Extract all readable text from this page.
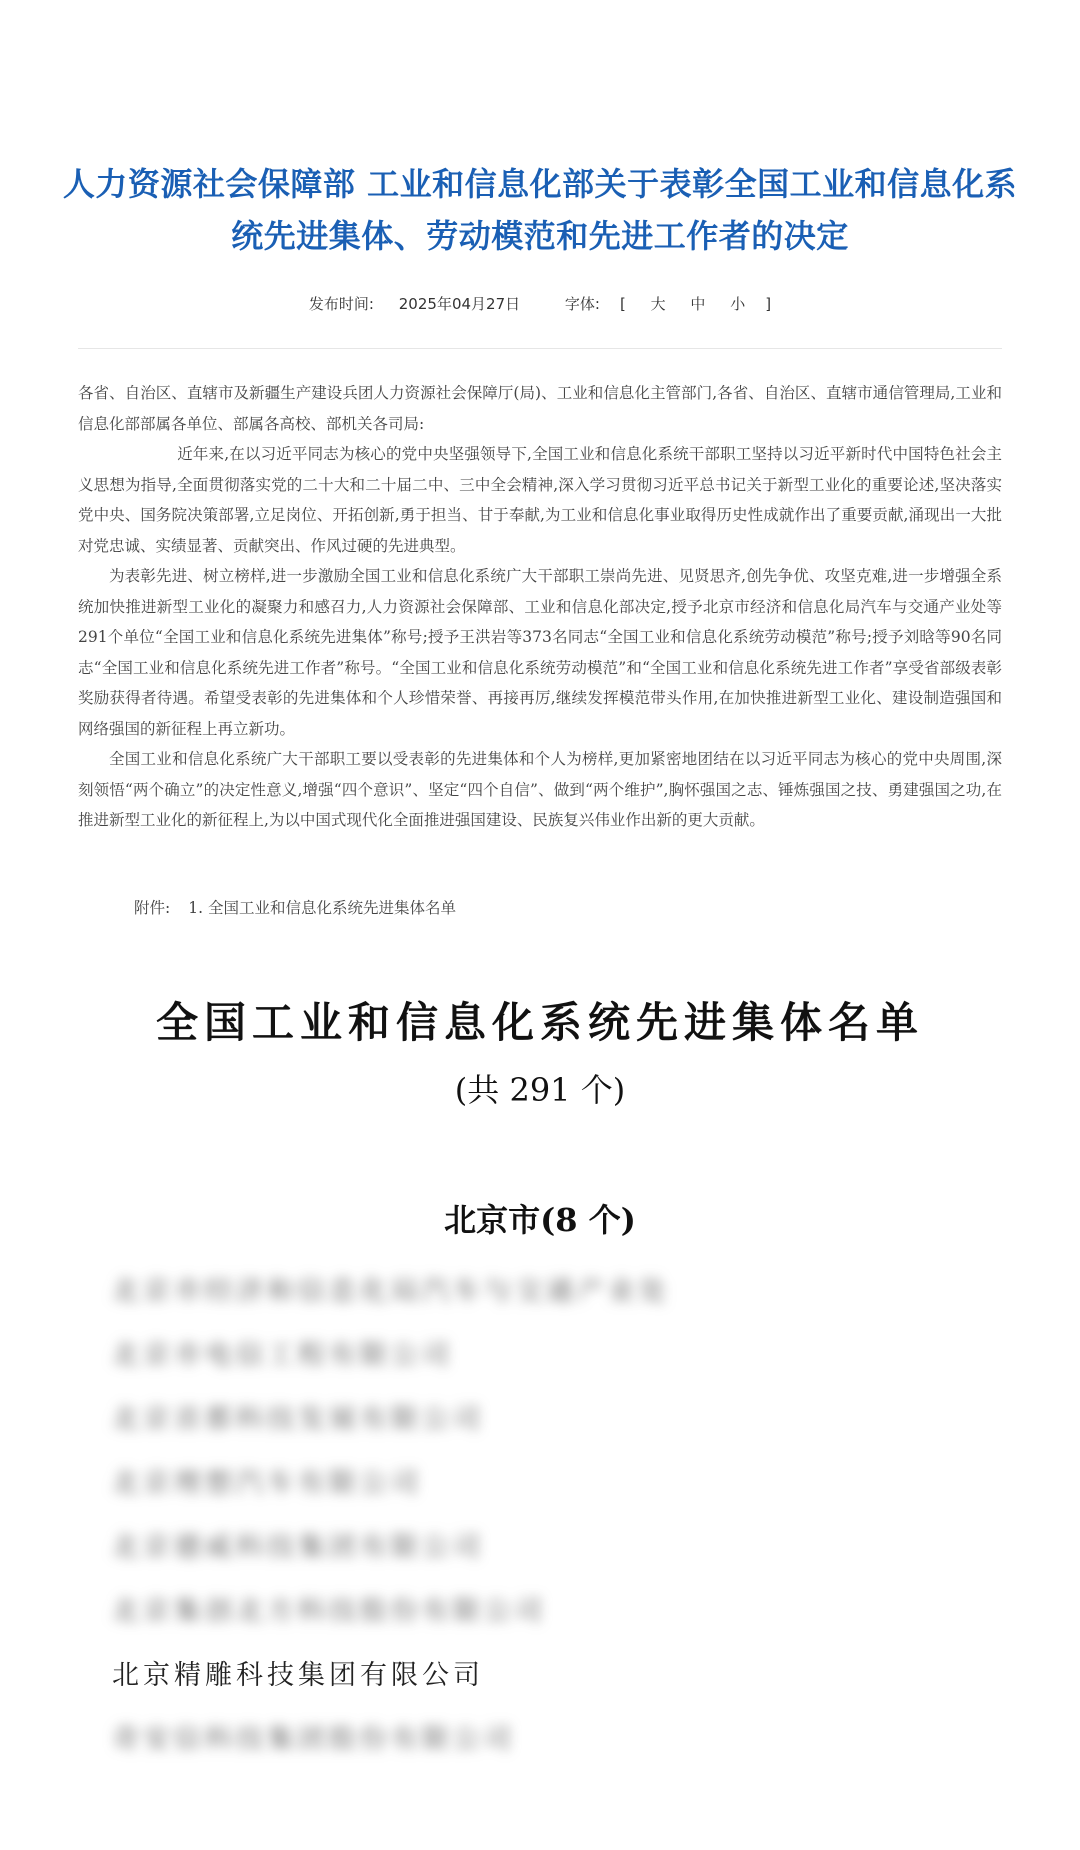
人力资源社会保障部 工业和信息化部关于表彰全国工业和信息化系统先进集体、劳动模范和先进工作者的决定
发布时间: 2025年04月27日	字体: [ 大 中 小 ]

各省、自治区、直辖市及新疆生产建设兵团人力资源社会保障厅(局)、工业和信息化主管部门,各省、自治区、直辖市通信管理局,工业和信息化部部属各单位、部属各高校、部机关各司局:

近年来,在以习近平同志为核心的党中央坚强领导下,全国工业和信息化系统干部职工坚持以习近平新时代中国特色社会主义思想为指导,全面贯彻落实党的二十大和二十届二中、三中全会精神,深入学习贯彻习近平总书记关于新型工业化的重要论述,坚决落实党中央、国务院决策部署,立足岗位、开拓创新,勇于担当、甘于奉献,为工业和信息化事业取得历史性成就作出了重要贡献,涌现出一大批对党忠诚、实绩显著、贡献突出、作风过硬的先进典型。

为表彰先进、树立榜样,进一步激励全国工业和信息化系统广大干部职工崇尚先进、见贤思齐,创先争优、攻坚克难,进一步增强全系统加快推进新型工业化的凝聚力和感召力,人力资源社会保障部、工业和信息化部决定,授予北京市经济和信息化局汽车与交通产业处等291个单位“全国工业和信息化系统先进集体”称号;授予王洪岩等373名同志“全国工业和信息化系统劳动模范”称号;授予刘晗等90名同志“全国工业和信息化系统先进工作者”称号。“全国工业和信息化系统劳动模范”和“全国工业和信息化系统先进工作者”享受省部级表彰奖励获得者待遇。希望受表彰的先进集体和个人珍惜荣誉、再接再厉,继续发挥模范带头作用,在加快推进新型工业化、建设制造强国和网络强国的新征程上再立新功。

全国工业和信息化系统广大干部职工要以受表彰的先进集体和个人为榜样,更加紧密地团结在以习近平同志为核心的党中央周围,深刻领悟“两个确立”的决定性意义,增强“四个意识”、坚定“四个自信”、做到“两个维护”,胸怀强国之志、锤炼强国之技、勇建强国之功,在推进新型工业化的新征程上,为以中国式现代化全面推进强国建设、民族复兴伟业作出新的更大贡献。

附件: 1. 全国工业和信息化系统先进集体名单
全国工业和信息化系统先进集体名单
(共 291 个)
北京市(8 个)
北京市经济和信息化局汽车与交通产业处
北京市电信工程有限公司
北京首都科技发展有限公司
北京理想汽车有限公司
北京德威科技集团有限公司
北京集创北方科技股份有限公司
北京精雕科技集团有限公司
奇安信科技集团股份有限公司
